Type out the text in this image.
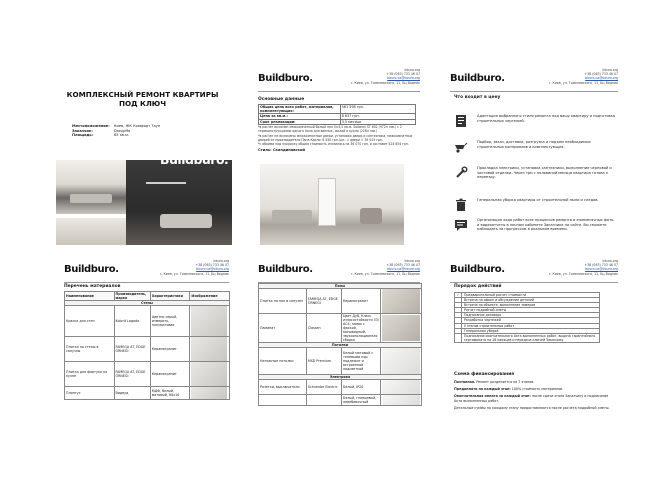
КОМПЛЕКСНЫЙ РЕМОНТ КВАРТИРЫ
ПОД КЛЮЧ
Местоположение:	Киев, ЖК Комфорт Таун
Заказчик:	Drosgiffo
Площадь:	65 кв.м.
Buildburo.
Buildburo.
bburo.org
+38 (063) 733 46 07
bburo.ua@bburo.org
г. Киев, ул. Гомелевского, 11, Бц Водник
Основные данные
Общая цена всех работ, материалов, комплектующих:	561 398 грн.
Цена за кв.м.:	8 637 грн.
Срок реализации:	3,5 месяца
*в расчет включен межкомнатный белый пол 5×4,5 кв.м. Solberni ST 602 (972× мм.) с 2 термоинструкциями одного пола для ванных, жилой в кухни (228× мм.)
*в расчет не включены межкомнатные двери, установка двери и сантехника, межкомнатных дверей от производителя Папа Карло: 8 550 грн./шт. = двери = 39 915 грн.
*с обоими под покраску общая стоимость снизилась на 36 070 грн. и составит 524 654 грн.
Стиль: Скандинавский
Buildburo.
bburo.org
+38 (063) 733 46 07
bburo.ua@bburo.org
г. Киев, ул. Гомелевского, 11, Бц Водник
Что входит в цену
Адаптация выбранного стиля ремонта под вашу квартиру и подготовка строительных чертежей.
Подбор, заказ, доставка, разгрузка и подъем необходимых строительных материалов и комплектующих.
Прокладка электрики, установка сантехники, выполнение черновой и чистовой отделки. Через три с половиной месяца квартира готова к переезду.
Генеральная уборка квартиры от строительной пыли и следов.
Организация хода работ всех процессов ремонта и ежемесячных фото- и видеоотчеты в личном кабинете Заказчика на сайте. Вы сможете наблюдать за прогрессом в реальном времени.
Buildburo.
bburo.org
+38 (063) 733 46 07
bburo.ua@bburo.org
г. Киев, ул. Гомелевского, 11, Бц Водник
Перечень материалов
Наименование	Производитель, марка	Характеристики	Изображение
Стены			
Краска для стен	Kolorit Lagoda	Цветно серый, измерить, полуматовая	

Плитка на стены в санузлы	FAMEGA AT, EDGE ÖRNEĞİ	Керамогранит	

Плитка для фартука на кухне	FAMEGA AT, EDGE ÖRNEĞİ	Керамогранит	

Плинтус	Видвуд	МДФ, белый, матовый, 80x10	
Buildburo.
bburo.org
+38 (063) 733 46 07
bburo.ua@bburo.org
г. Киев, ул. Гомелевского, 11, Бц Водник
Полы			
Плитка на пол в санузел	FAMEGA AT, EDGE ÖRNEĞİ	Керамогранит	

Ламинат	Classen	Цвет Дуб, Класс износостойкости 33/АС4, замок с фаской, моновидный, звукоизоляционная сборка	

Потолки			
Натяжные потолки	MSD Premium	Белый матовый с теневыми пор подлежит и встроенной подсветкой	

Электрика			
Розетки, выключатели	Schneider Electric	Белый, IP20	

		Белый, глянцевый, перебивочный	
Buildburo.
bburo.org
+38 (063) 733 46 07
bburo.ua@bburo.org
г. Киев, ул. Гомелевского, 11, Бц Водник
Порядок действий
✓	Предварительный расчет стоимости
Встреча на офисе и обсуждение деталей
Встреча на объекте, выполнение замеров
Расчет подробной сметы
Подписание договора
Разработка чертежей
У этапов строительных работ
Генеральная уборка
Подписание окончательного Акта выполненных работ, выдача гарантийного сертификата на 18 месяцев и передача ключей Заказчику
Схема финансирования

Поэтапная. Ремонт разделяется на 7 этапов.

Предоплата на каждый этап: 100% стоимость материалов.

Окончательная оплата за каждый этап: после сдачи этапа Заказчику и подписание Акта выполненных работ.

Детальные суммы по каждому этапу предоставляются после расчета подробной сметы.
